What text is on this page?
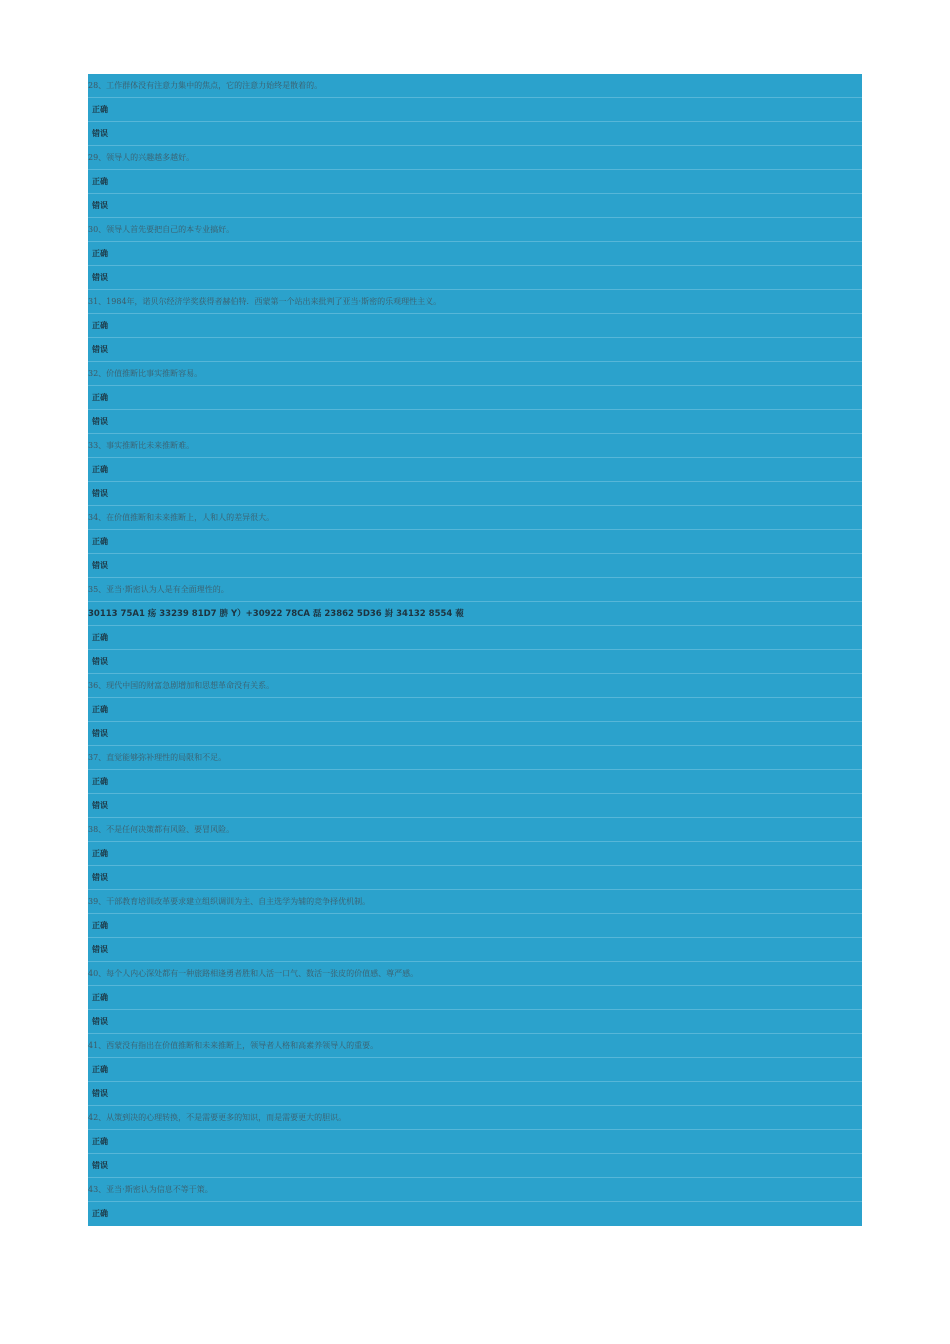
28、工作群体没有注意力集中的焦点，它的注意力始终是散着的。
正确
错误
29、领导人的兴趣越多越好。
正确
错误
30、领导人首先要把自己的本专业搞好。
正确
错误
31、1984年，诺贝尔经济学奖获得者赫伯特．西蒙第一个站出来批判了亚当·斯密的乐观理性主义。
正确
错误
32、价值推断比事实推断容易。
正确
错误
33、事实推断比未来推断难。
正确
错误
34、在价值推断和未来推断上，人和人的差异很大。
正确
错误
35、亚当·斯密认为人是有全面理性的。
30113 75A1 疡 33239 81D7 腗 Y）+30922 78CA 磊 23862 5D36 崶 34132 8554 蕔
正确
错误
36、现代中国的财富急剧增加和思想革命没有关系。
正确
错误
37、直觉能够弥补理性的局限和不足。
正确
错误
38、不是任何决策都有风险、要冒风险。
正确
错误
39、干部教育培训改革要求建立组织调训为主、自主选学为辅的竞争择优机制。
正确
错误
40、每个人内心深处都有一种旅路相逢勇者胜和人活一口气、数活一张皮的价值感、尊严感。
正确
错误
41、西蒙没有指出在价值推断和未来推断上，领导者人格和高素养领导人的重要。
正确
错误
42、从策到决的心理转换，不是需要更多的知识，而是需要更大的胆识。
正确
错误
43、亚当·斯密认为信息不等于策。
正确
